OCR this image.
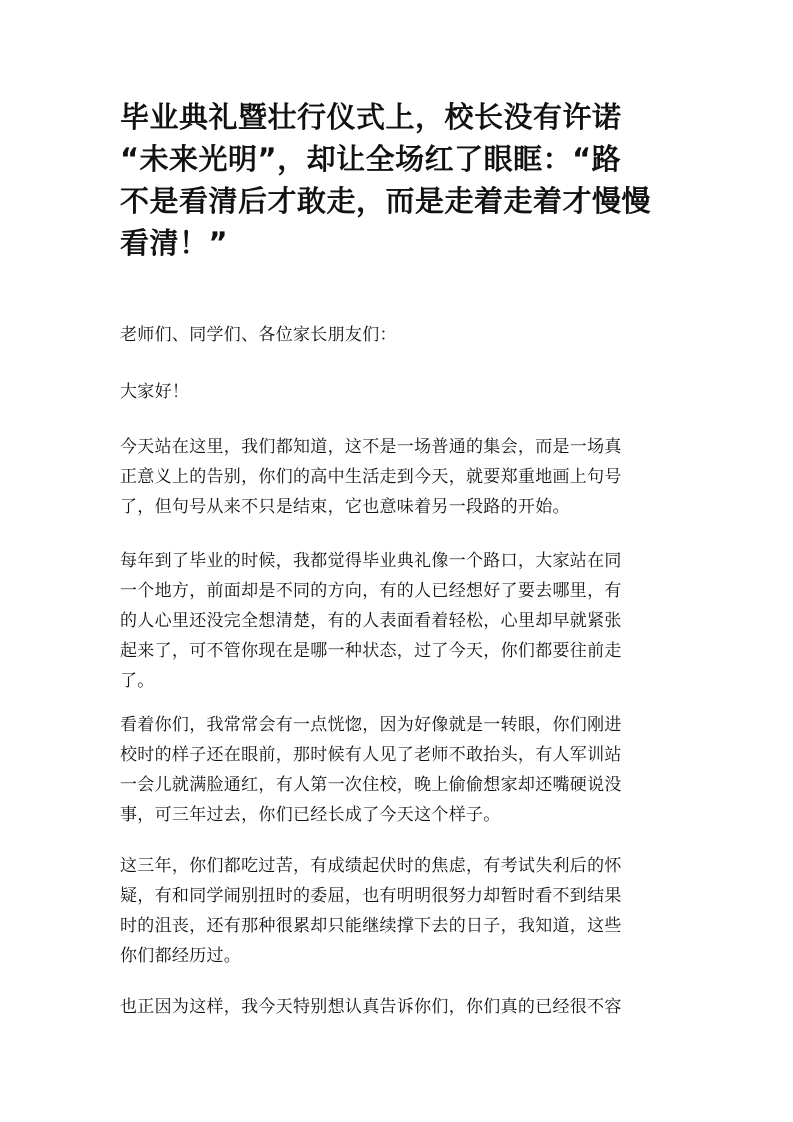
毕业典礼暨壮行仪式上，校长没有许诺
“未来光明”，却让全场红了眼眶：“路
不是看清后才敢走，而是走着走着才慢慢
看清！”

老师们、同学们、各位家长朋友们：

大家好！

今天站在这里，我们都知道，这不是一场普通的集会，而是一场真
正意义上的告别，你们的高中生活走到今天，就要郑重地画上句号
了，但句号从来不只是结束，它也意味着另一段路的开始。

每年到了毕业的时候，我都觉得毕业典礼像一个路口，大家站在同
一个地方，前面却是不同的方向，有的人已经想好了要去哪里，有
的人心里还没完全想清楚，有的人表面看着轻松，心里却早就紧张
起来了，可不管你现在是哪一种状态，过了今天，你们都要往前走
了。

看着你们，我常常会有一点恍惚，因为好像就是一转眼，你们刚进
校时的样子还在眼前，那时候有人见了老师不敢抬头，有人军训站
一会儿就满脸通红，有人第一次住校，晚上偷偷想家却还嘴硬说没
事，可三年过去，你们已经长成了今天这个样子。

这三年，你们都吃过苦，有成绩起伏时的焦虑，有考试失利后的怀
疑，有和同学闹别扭时的委屈，也有明明很努力却暂时看不到结果
时的沮丧，还有那种很累却只能继续撑下去的日子，我知道，这些
你们都经历过。

也正因为这样，我今天特别想认真告诉你们，你们真的已经很不容
